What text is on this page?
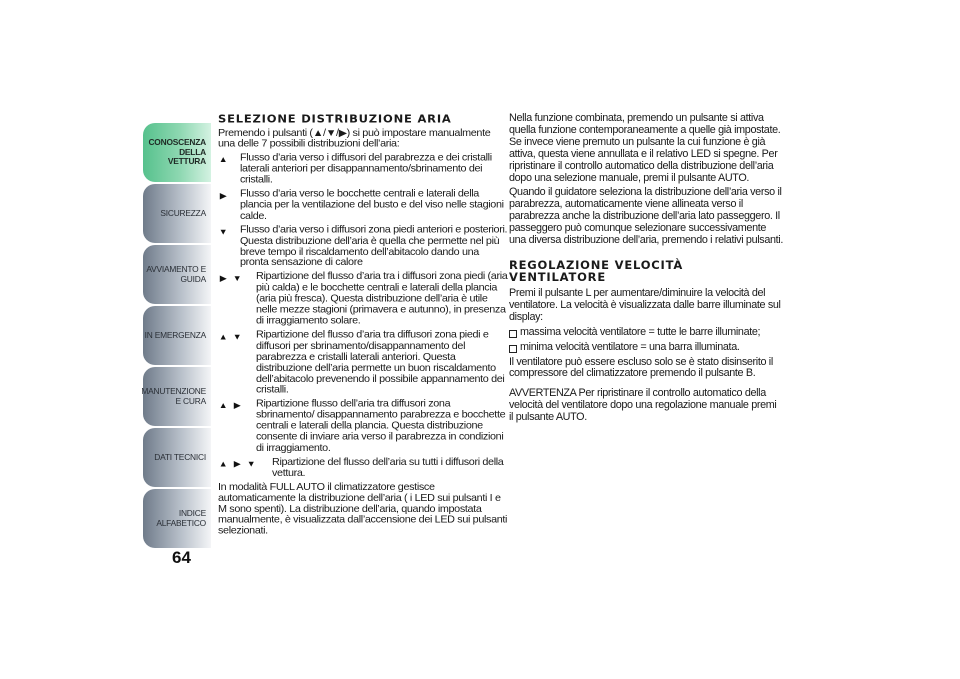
CONOSCENZA DELLA VETTURA
SICUREZZA
AVVIAMENTO E GUIDA
IN EMERGENZA
MANUTENZIONE E CURA
DATI TECNICI
INDICE ALFABETICO
64
SELEZIONE DISTRIBUZIONE ARIA

Premendo i pulsanti (▲/▼/▶) si può impostare manualmente una delle 7 possibili distribuzioni dell’aria:

▲ Flusso d’aria verso i diffusori del parabrezza e dei cristalli laterali anteriori per disappannamento/sbrinamento dei cristalli.
▶ Flusso d’aria verso le bocchette centrali e laterali della plancia per la ventilazione del busto e del viso nelle stagioni calde.
▼ Flusso d’aria verso i diffusori zona piedi anteriori e posteriori. Questa distribuzione dell’aria è quella che permette nel più breve tempo il riscaldamento dell’abitacolo dando una pronta sensazione di calore
▶ ▼ Ripartizione del flusso d’aria tra i diffusori zona piedi (aria più calda) e le bocchette centrali e laterali della plancia (aria più fresca). Questa distribuzione dell’aria è utile nelle mezze stagioni (primavera e autunno), in presenza di irraggiamento solare.
▲ ▼ Ripartizione del flusso d’aria tra diffusori zona piedi e diffusori per sbrinamento/disappannamento del parabrezza e cristalli laterali anteriori. Questa distribuzione dell’aria permette un buon riscaldamento dell’abitacolo prevenendo il possibile appannamento dei cristalli.
▲ ▶ Ripartizione flusso dell’aria tra diffusori zona sbrinamento/ disappannamento parabrezza e bocchette centrali e laterali della plancia. Questa distribuzione consente di inviare aria verso il parabrezza in condizioni di irraggiamento.
▲ ▶ ▼ Ripartizione del flusso dell’aria su tutti i diffusori della vettura.

In modalità FULL AUTO il climatizzatore gestisce automaticamente la distribuzione dell’aria ( i LED sui pulsanti I e M sono spenti). La distribuzione dell’aria, quando impostata manualmente, è visualizzata dall’accensione dei LED sui pulsanti selezionati.

Nella funzione combinata, premendo un pulsante si attiva quella funzione contemporaneamente a quelle già impostate. Se invece viene premuto un pulsante la cui funzione è già attiva, questa viene annullata e il relativo LED si spegne. Per ripristinare il controllo automatico della distribuzione dell’aria dopo una selezione manuale, premi il pulsante AUTO.

Quando il guidatore seleziona la distribuzione dell’aria verso il parabrezza, automaticamente viene allineata verso il parabrezza anche la distribuzione dell’aria lato passeggero. Il passeggero può comunque selezionare successivamente una diversa distribuzione dell’aria, premendo i relativi pulsanti.

REGOLAZIONE VELOCITÀ
VENTILATORE

Premi il pulsante L per aumentare/diminuire la velocità del ventilatore. La velocità è visualizzata dalle barre illuminate sul display:

massima velocità ventilatore = tutte le barre illuminate;
minima velocità ventilatore = una barra illuminata.

Il ventilatore può essere escluso solo se è stato disinserito il compressore del climatizzatore premendo il pulsante B.

AVVERTENZA Per ripristinare il controllo automatico della velocità del ventilatore dopo una regolazione manuale premi il pulsante AUTO.
